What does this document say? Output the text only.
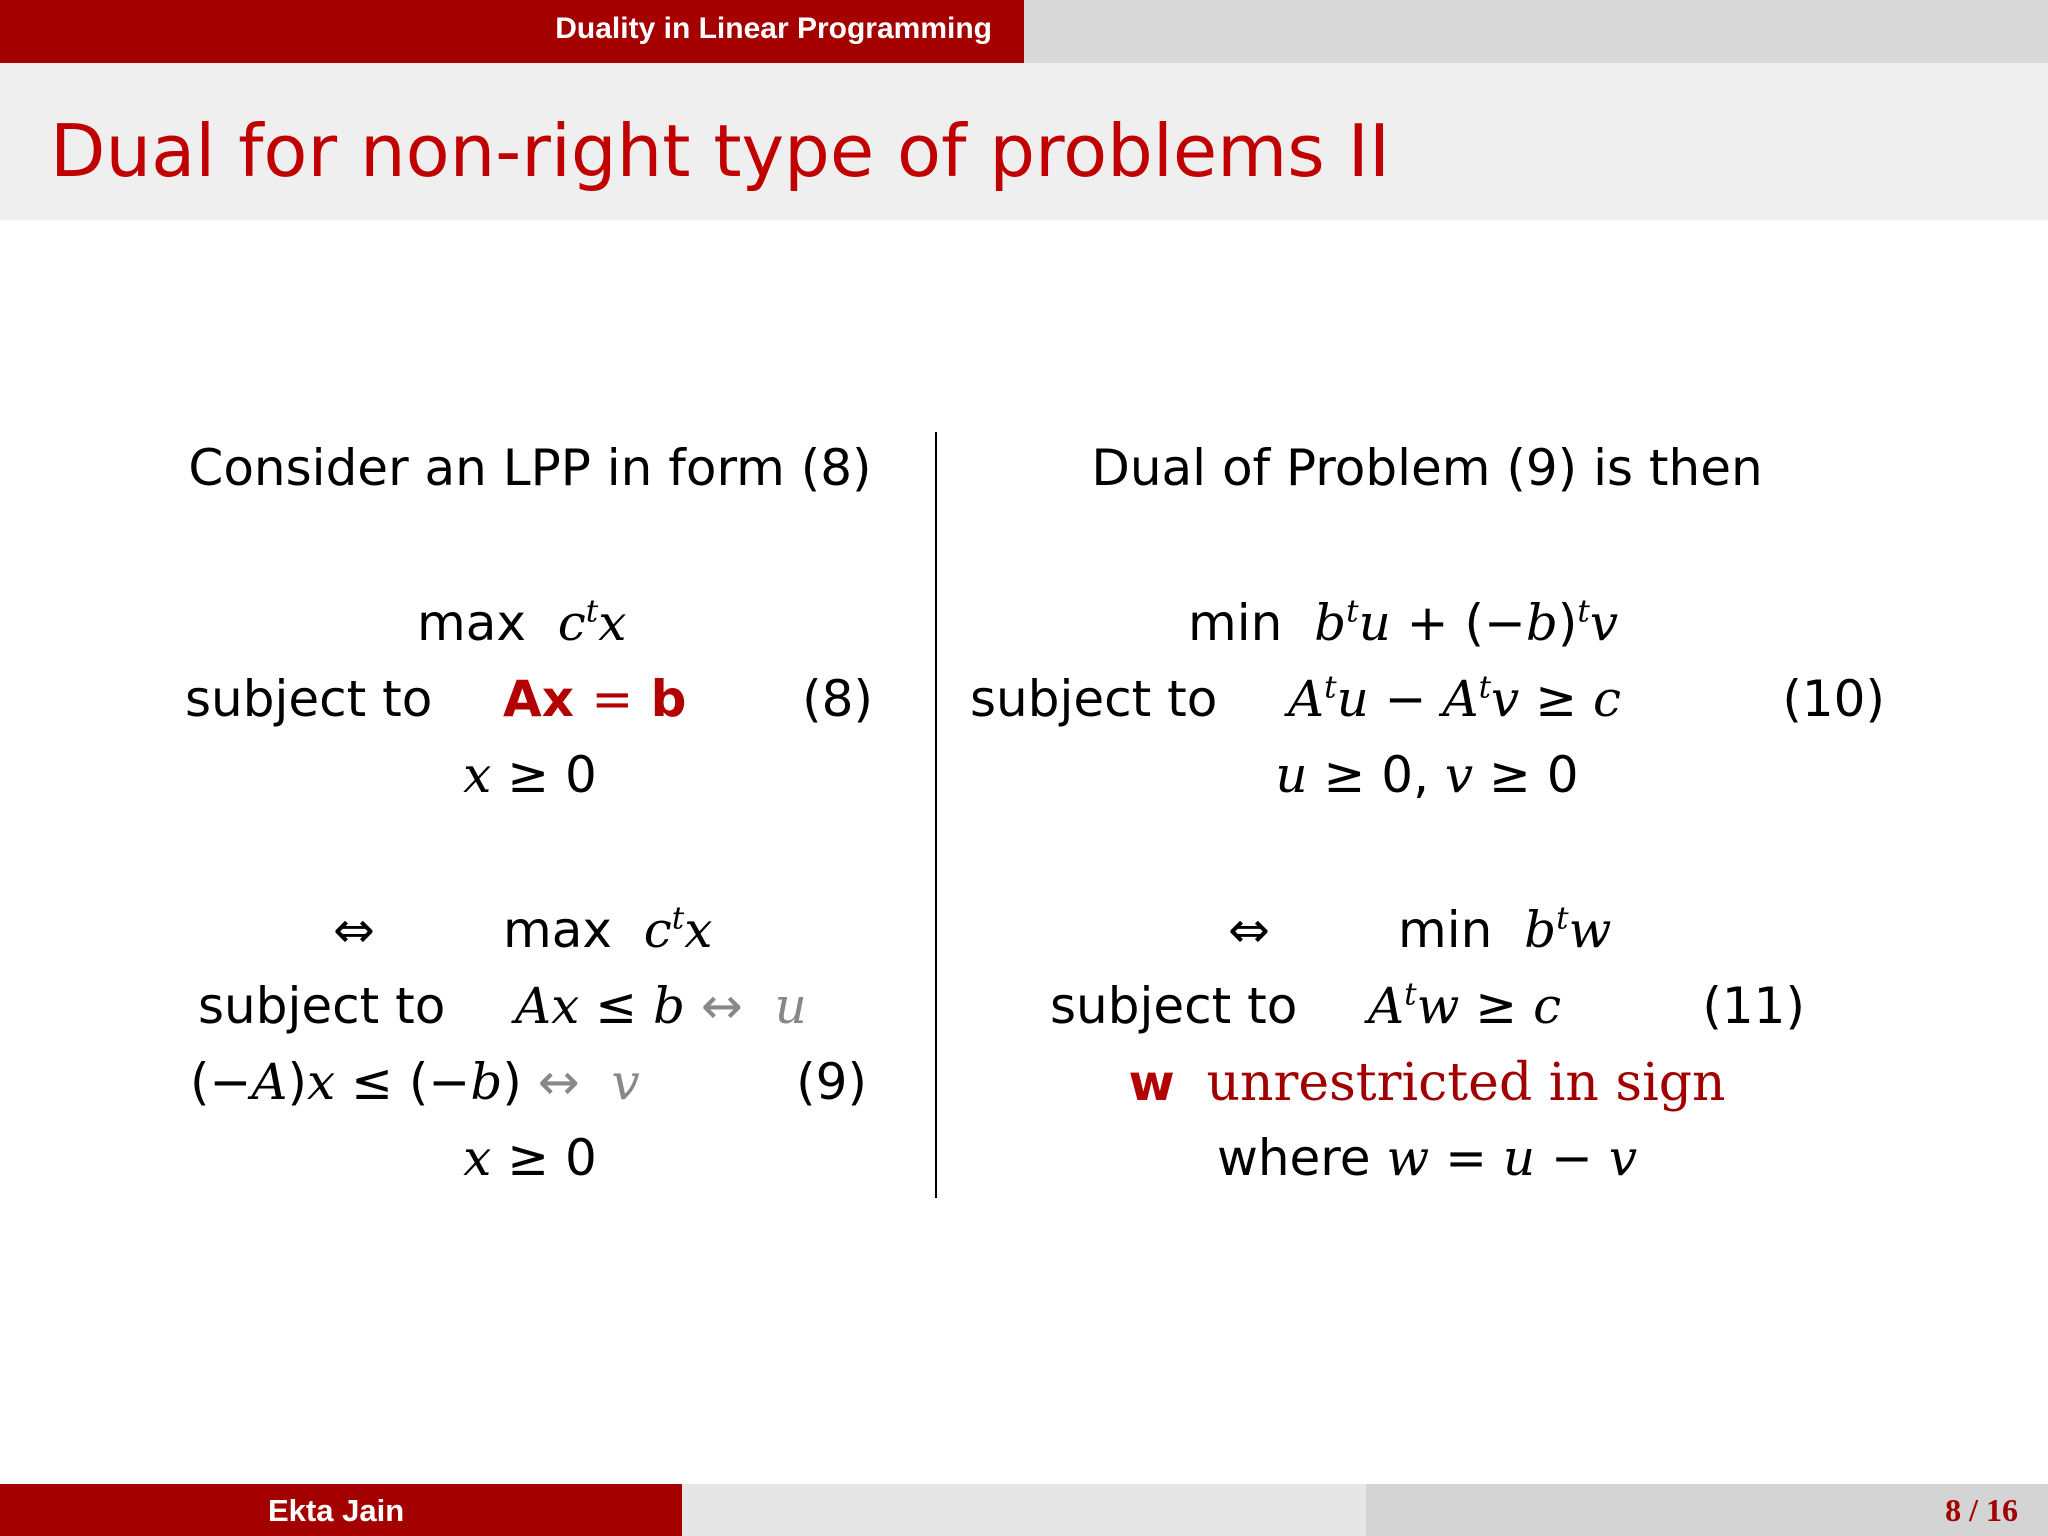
Duality in Linear Programming
Dual for non-right type of problems II
Consider an LPP in form (8)
$\max c^tx$
subject to Ax = b (8)
x ≥ 0
⇔	$\max c^tx$
subject to Ax ≤ b ↔ u
(−A)x ≤ (−b) ↔ v	(9)
x ≥ 0
Dual of Problem (9) is then
$\min b^tu + (-b)^tv$
subject to $A^tu - A^tv \ge c$	(10)
u ≥ 0, v ≥ 0
⇔	$\min b^tw$
subject to $A^tw \ge c$	(11)
w unrestricted in sign
where w = u − v
Ekta Jain	8 / 16
